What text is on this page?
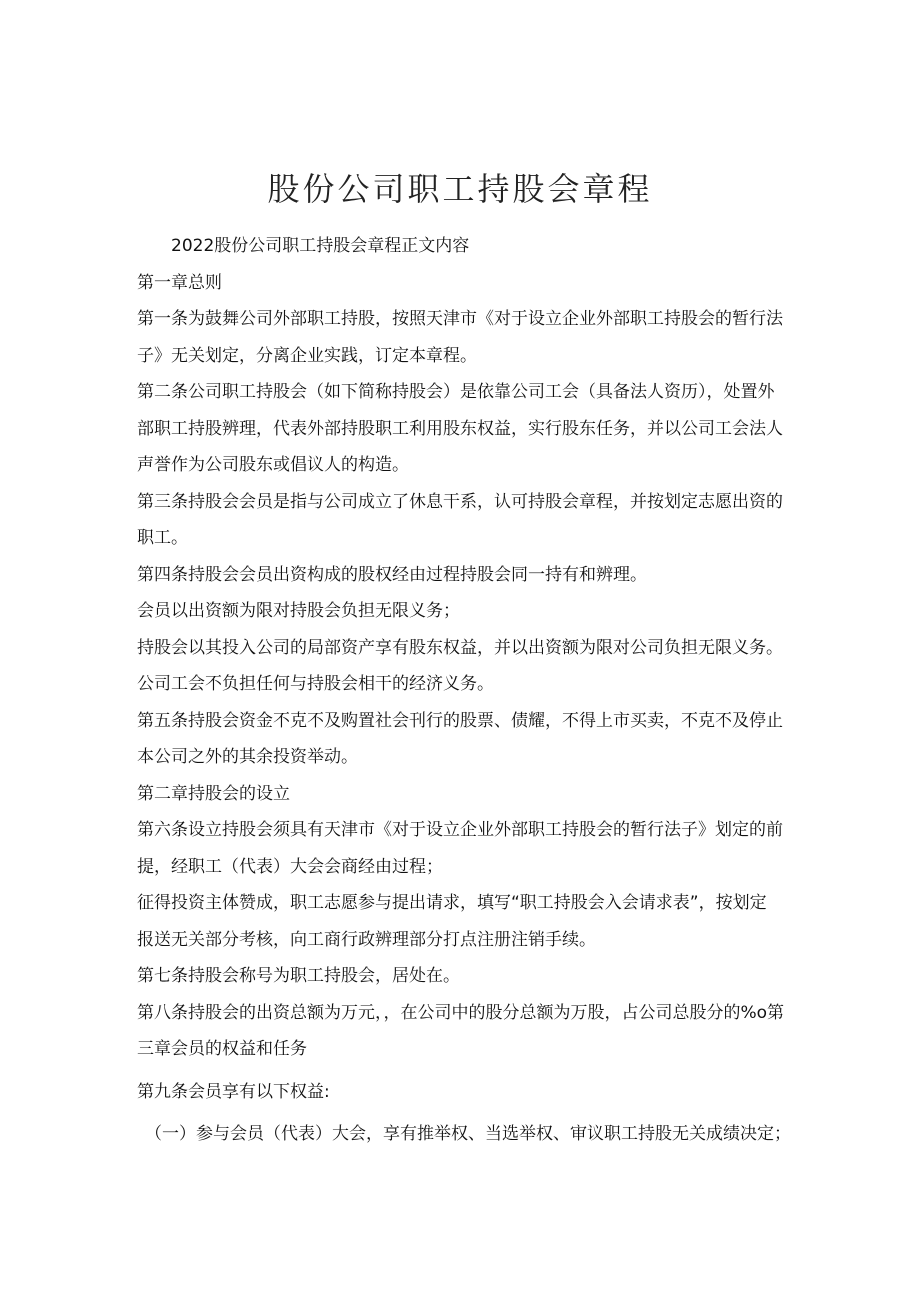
股份公司职工持股会章程

2022股份公司职工持股会章程正文内容

第一章总则

第一条为鼓舞公司外部职工持股，按照天津市《对于设立企业外部职工持股会的暂行法

子》无关划定，分离企业实践，订定本章程。

第二条公司职工持股会（如下简称持股会）是依靠公司工会（具备法人资历），处置外

部职工持股辨理，代表外部持股职工利用股东权益，实行股东任务，并以公司工会法人

声誉作为公司股东或倡议人的构造。

第三条持股会会员是指与公司成立了休息干系，认可持股会章程，并按划定志愿出资的

职工。

第四条持股会会员出资构成的股权经由过程持股会同一持有和辨理。

会员以出资额为限对持股会负担无限义务；

持股会以其投入公司的局部资产享有股东权益，并以出资额为限对公司负担无限义务。

公司工会不负担任何与持股会相干的经济义务。

第五条持股会资金不克不及购置社会刊行的股票、债耀，不得上市买卖，不克不及停止

本公司之外的其余投资举动。

第二章持股会的设立

第六条设立持股会须具有天津市《对于设立企业外部职工持股会的暂行法子》划定的前

提，经职工（代表）大会会商经由过程；

征得投资主体赞成，职工志愿参与提出请求，填写“职工持股会入会请求表”，按划定

报送无关部分考核，向工商行政辨理部分打点注册注销手续。

第七条持股会称号为职工持股会，居处在。

第八条持股会的出资总额为万元，，在公司中的股分总额为万股，占公司总股分的%o第

三章会员的权益和任务

第九条会员享有以下权益:

（一）参与会员（代表）大会，享有推举权、当选举权、审议职工持股无关成绩决定；
